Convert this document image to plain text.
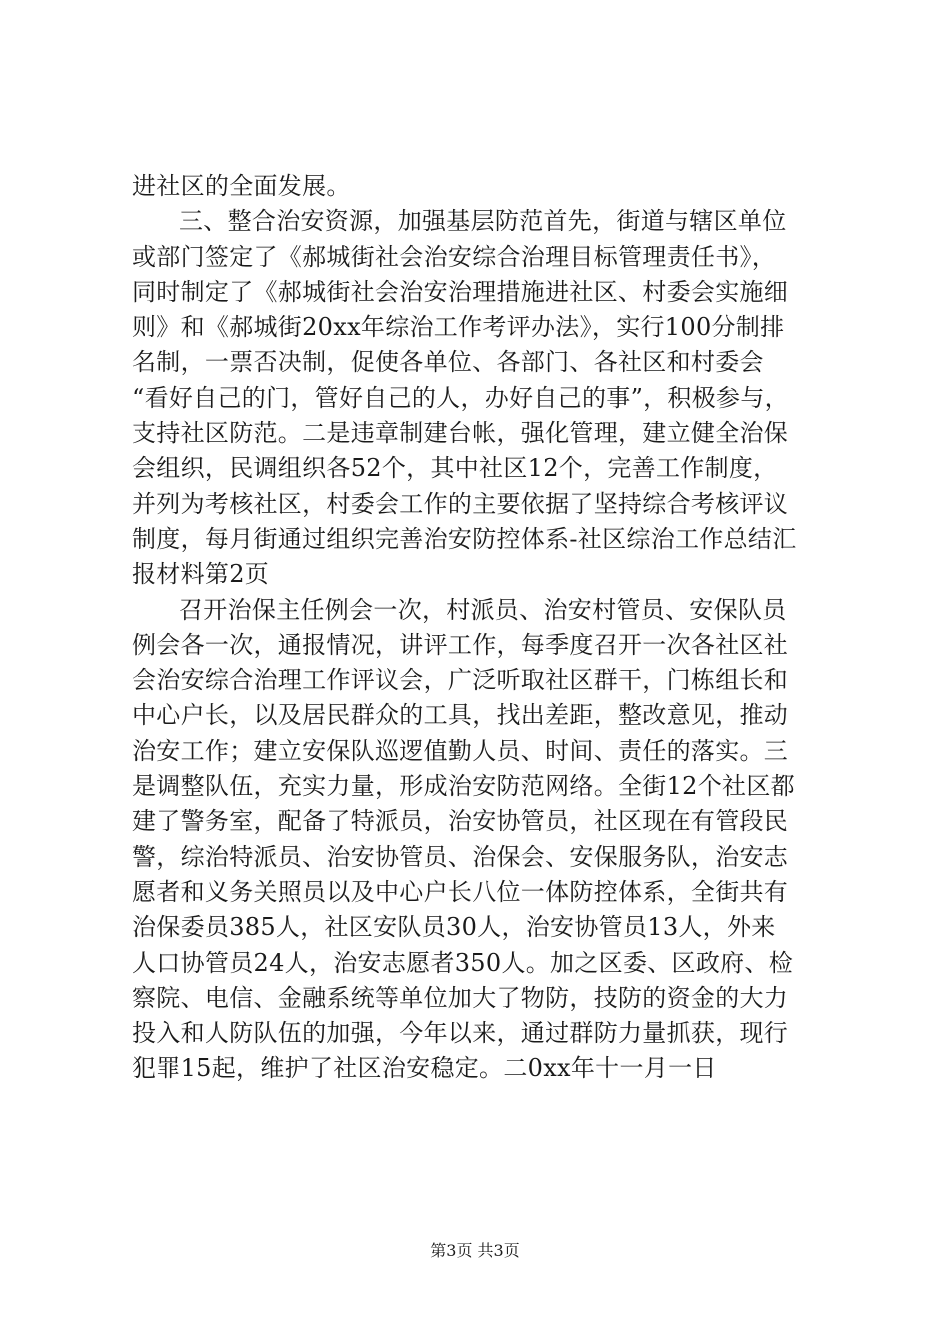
进社区的全面发展。
三、整合治安资源，加强基层防范首先，街道与辖区单位
或部门签定了《郝城街社会治安综合治理目标管理责任书》，
同时制定了《郝城街社会治安治理措施进社区、村委会实施细
则》和《郝城街20xx年综治工作考评办法》，实行100分制排
名制，一票否决制，促使各单位、各部门、各社区和村委会
“看好自己的门，管好自己的人，办好自己的事”，积极参与，
支持社区防范。二是违章制建台帐，强化管理，建立健全治保
会组织，民调组织各52个，其中社区12个，完善工作制度，
并列为考核社区，村委会工作的主要依据了坚持综合考核评议
制度，每月街通过组织完善治安防控体系-社区综治工作总结汇
报材料第2页
召开治保主任例会一次，村派员、治安村管员、安保队员
例会各一次，通报情况，讲评工作，每季度召开一次各社区社
会治安综合治理工作评议会，广泛听取社区群干，门栋组长和
中心户长，以及居民群众的工具，找出差距，整改意见，推动
治安工作；建立安保队巡逻值勤人员、时间、责任的落实。三
是调整队伍，充实力量，形成治安防范网络。全街12个社区都
建了警务室，配备了特派员，治安协管员，社区现在有管段民
警，综治特派员、治安协管员、治保会、安保服务队，治安志
愿者和义务关照员以及中心户长八位一体防控体系，全街共有
治保委员385人，社区安队员30人，治安协管员13人，外来
人口协管员24人，治安志愿者350人。加之区委、区政府、检
察院、电信、金融系统等单位加大了物防，技防的资金的大力
投入和人防队伍的加强，今年以来，通过群防力量抓获，现行
犯罪15起，维护了社区治安稳定。二0xx年十一月一日
第3页 共3页
